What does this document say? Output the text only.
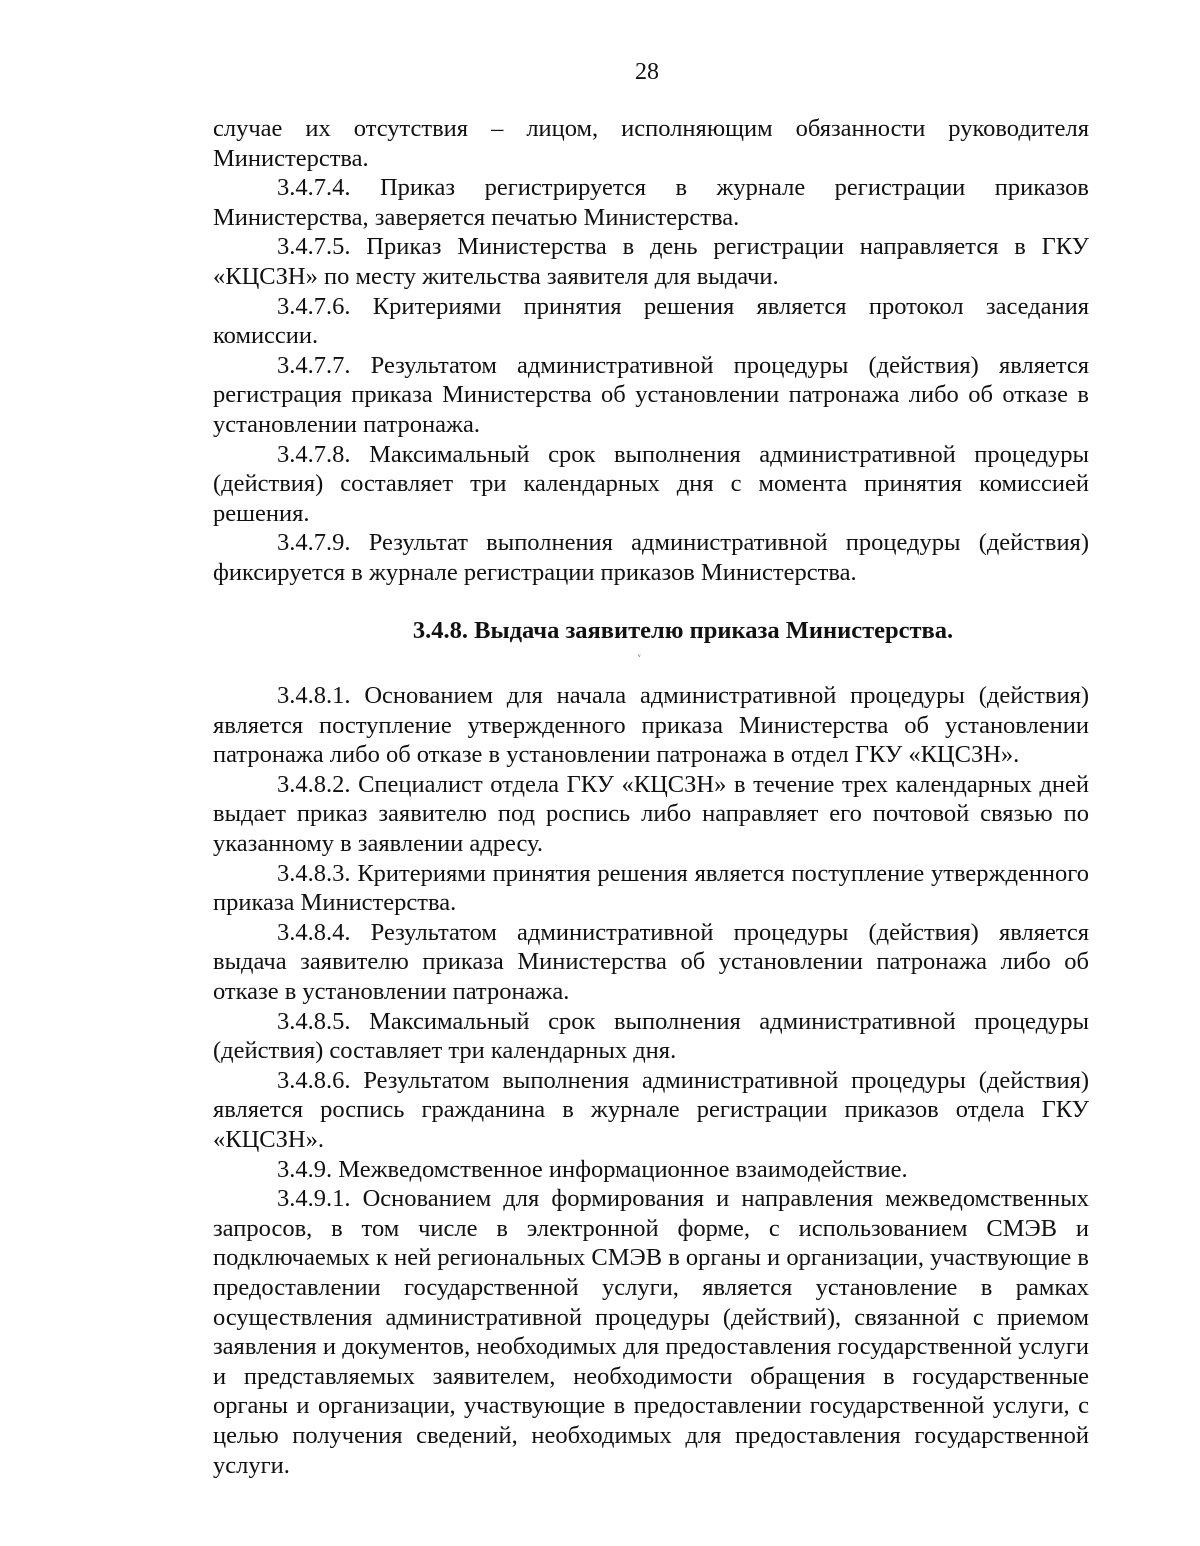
28
ᵥ

случае их отсутствия – лицом, исполняющим обязанности руководителя Министерства.

3.4.7.4. Приказ регистрируется в журнале регистрации приказов Министерства, заверяется печатью Министерства.

3.4.7.5. Приказ Министерства в день регистрации направляется в ГКУ «КЦСЗН» по месту жительства заявителя для выдачи.

3.4.7.6. Критериями принятия решения является протокол заседания комиссии.

3.4.7.7. Результатом административной процедуры (действия) является регистрация приказа Министерства об установлении патронажа либо об отказе в установлении патронажа.

3.4.7.8. Максимальный срок выполнения административной процедуры (действия) составляет три календарных дня с момента принятия комиссией решения.

3.4.7.9. Результат выполнения административной процедуры (действия) фиксируется в журнале регистрации приказов Министерства.

3.4.8. Выдача заявителю приказа Министерства.

3.4.8.1. Основанием для начала административной процедуры (действия) является поступление утвержденного приказа Министерства об установлении патронажа либо об отказе в установлении патронажа в отдел ГКУ «КЦСЗН».

3.4.8.2. Специалист отдела ГКУ «КЦСЗН» в течение трех календарных дней выдает приказ заявителю под роспись либо направляет его почтовой связью по указанному в заявлении адресу.

3.4.8.3. Критериями принятия решения является поступление утвержденного приказа Министерства.

3.4.8.4. Результатом административной процедуры (действия) является выдача заявителю приказа Министерства об установлении патронажа либо об отказе в установлении патронажа.

3.4.8.5. Максимальный срок выполнения административной процедуры (действия) составляет три календарных дня.

3.4.8.6. Результатом выполнения административной процедуры (действия) является роспись гражданина в журнале регистрации приказов отдела ГКУ «КЦСЗН».

3.4.9. Межведомственное информационное взаимодействие.

3.4.9.1. Основанием для формирования и направления межведомственных запросов, в том числе в электронной форме, с использованием СМЭВ и подключаемых к ней региональных СМЭВ в органы и организации, участвующие в предоставлении государственной услуги, является установление в рамках осуществления административной процедуры (действий), связанной с приемом заявления и документов, необходимых для предоставления государственной услуги и представляемых заявителем, необходимости обращения в государственные органы и организации, участвующие в предоставлении государственной услуги, с целью получения сведений, необходимых для предоставления государственной услуги.
